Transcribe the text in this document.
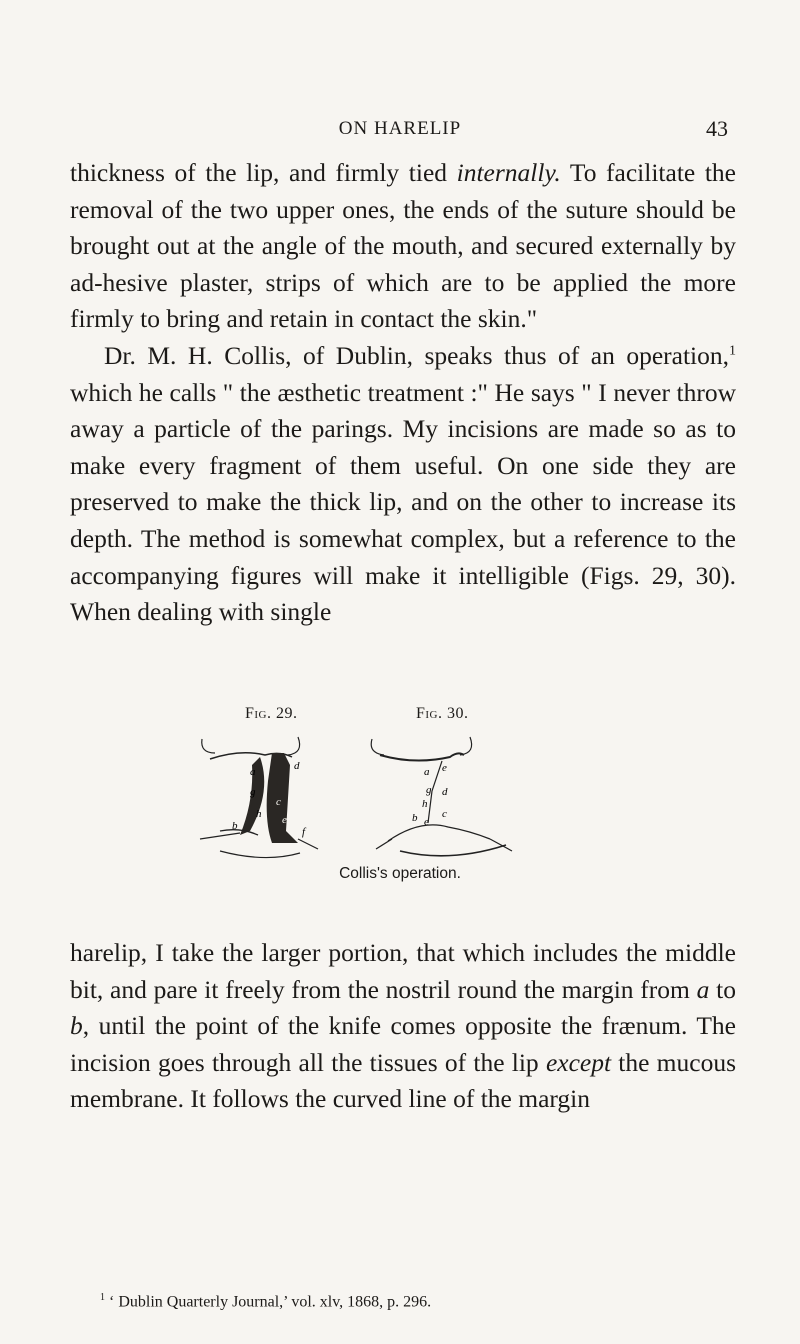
ON HARELIP	43

thickness of the lip, and firmly tied internally. To facilitate the removal of the two upper ones, the ends of the suture should be brought out at the angle of the mouth, and secured externally by ad-hesive plaster, strips of which are to be applied the more firmly to bring and retain in contact the skin."

Dr. M. H. Collis, of Dublin, speaks thus of an operation,$^1$ which he calls " the æsthetic treatment :" He says " I never throw away a particle of the parings. My incisions are made so as to make every fragment of them useful. On one side they are preserved to make the thick lip, and on the other to increase its depth. The method is somewhat complex, but a reference to the accompanying figures will make it intelligible (Figs. 29, 30). When dealing with single

Fig. 29.	Fig. 30.
a
g
b
h
c
d
e
f
a e
g d
h
b e
c
Collis's operation.

harelip, I take the larger portion, that which includes the middle bit, and pare it freely from the nostril round the margin from a to b, until the point of the knife comes opposite the frænum. The incision goes through all the tissues of the lip except the mucous membrane. It follows the curved line of the margin

$^1$ ‘ Dublin Quarterly Journal,’ vol. xlv, 1868, p. 296.
